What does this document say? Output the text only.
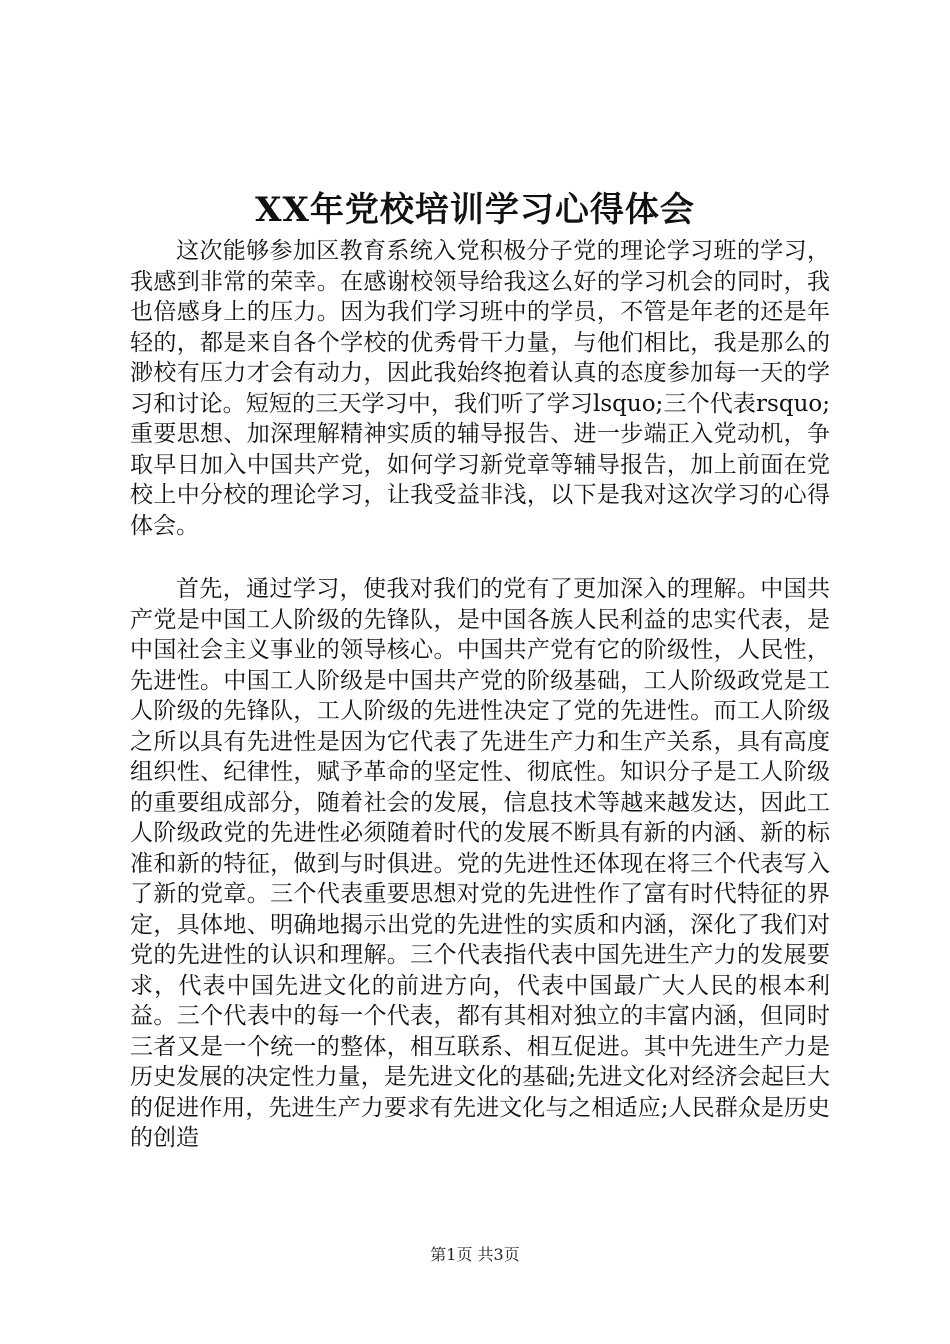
XX年党校培训学习心得体会

这次能够参加区教育系统入党积极分子党的理论学习班的学习，我感到非常的荣幸。在感谢校领导给我这么好的学习机会的同时，我也倍感身上的压力。因为我们学习班中的学员，不管是年老的还是年轻的，都是来自各个学校的优秀骨干力量，与他们相比，我是那么的渺校有压力才会有动力，因此我始终抱着认真的态度参加每一天的学习和讨论。短短的三天学习中，我们听了学习lsquo;三个代表rsquo;重要思想、加深理解精神实质的辅导报告、进一步端正入党动机，争取早日加入中国共产党，如何学习新党章等辅导报告，加上前面在党校上中分校的理论学习，让我受益非浅，以下是我对这次学习的心得体会。

首先，通过学习，使我对我们的党有了更加深入的理解。中国共产党是中国工人阶级的先锋队，是中国各族人民利益的忠实代表，是中国社会主义事业的领导核心。中国共产党有它的阶级性，人民性，先进性。中国工人阶级是中国共产党的阶级基础，工人阶级政党是工人阶级的先锋队，工人阶级的先进性决定了党的先进性。而工人阶级之所以具有先进性是因为它代表了先进生产力和生产关系，具有高度组织性、纪律性，赋予革命的坚定性、彻底性。知识分子是工人阶级的重要组成部分，随着社会的发展，信息技术等越来越发达，因此工人阶级政党的先进性必须随着时代的发展不断具有新的内涵、新的标准和新的特征，做到与时俱进。党的先进性还体现在将三个代表写入了新的党章。三个代表重要思想对党的先进性作了富有时代特征的界定，具体地、明确地揭示出党的先进性的实质和内涵，深化了我们对党的先进性的认识和理解。三个代表指代表中国先进生产力的发展要求，代表中国先进文化的前进方向，代表中国最广大人民的根本利益。三个代表中的每一个代表，都有其相对独立的丰富内涵，但同时三者又是一个统一的整体，相互联系、相互促进。其中先进生产力是历史发展的决定性力量，是先进文化的基础;先进文化对经济会起巨大的促进作用，先进生产力要求有先进文化与之相适应;人民群众是历史的创造

第1页 共3页
